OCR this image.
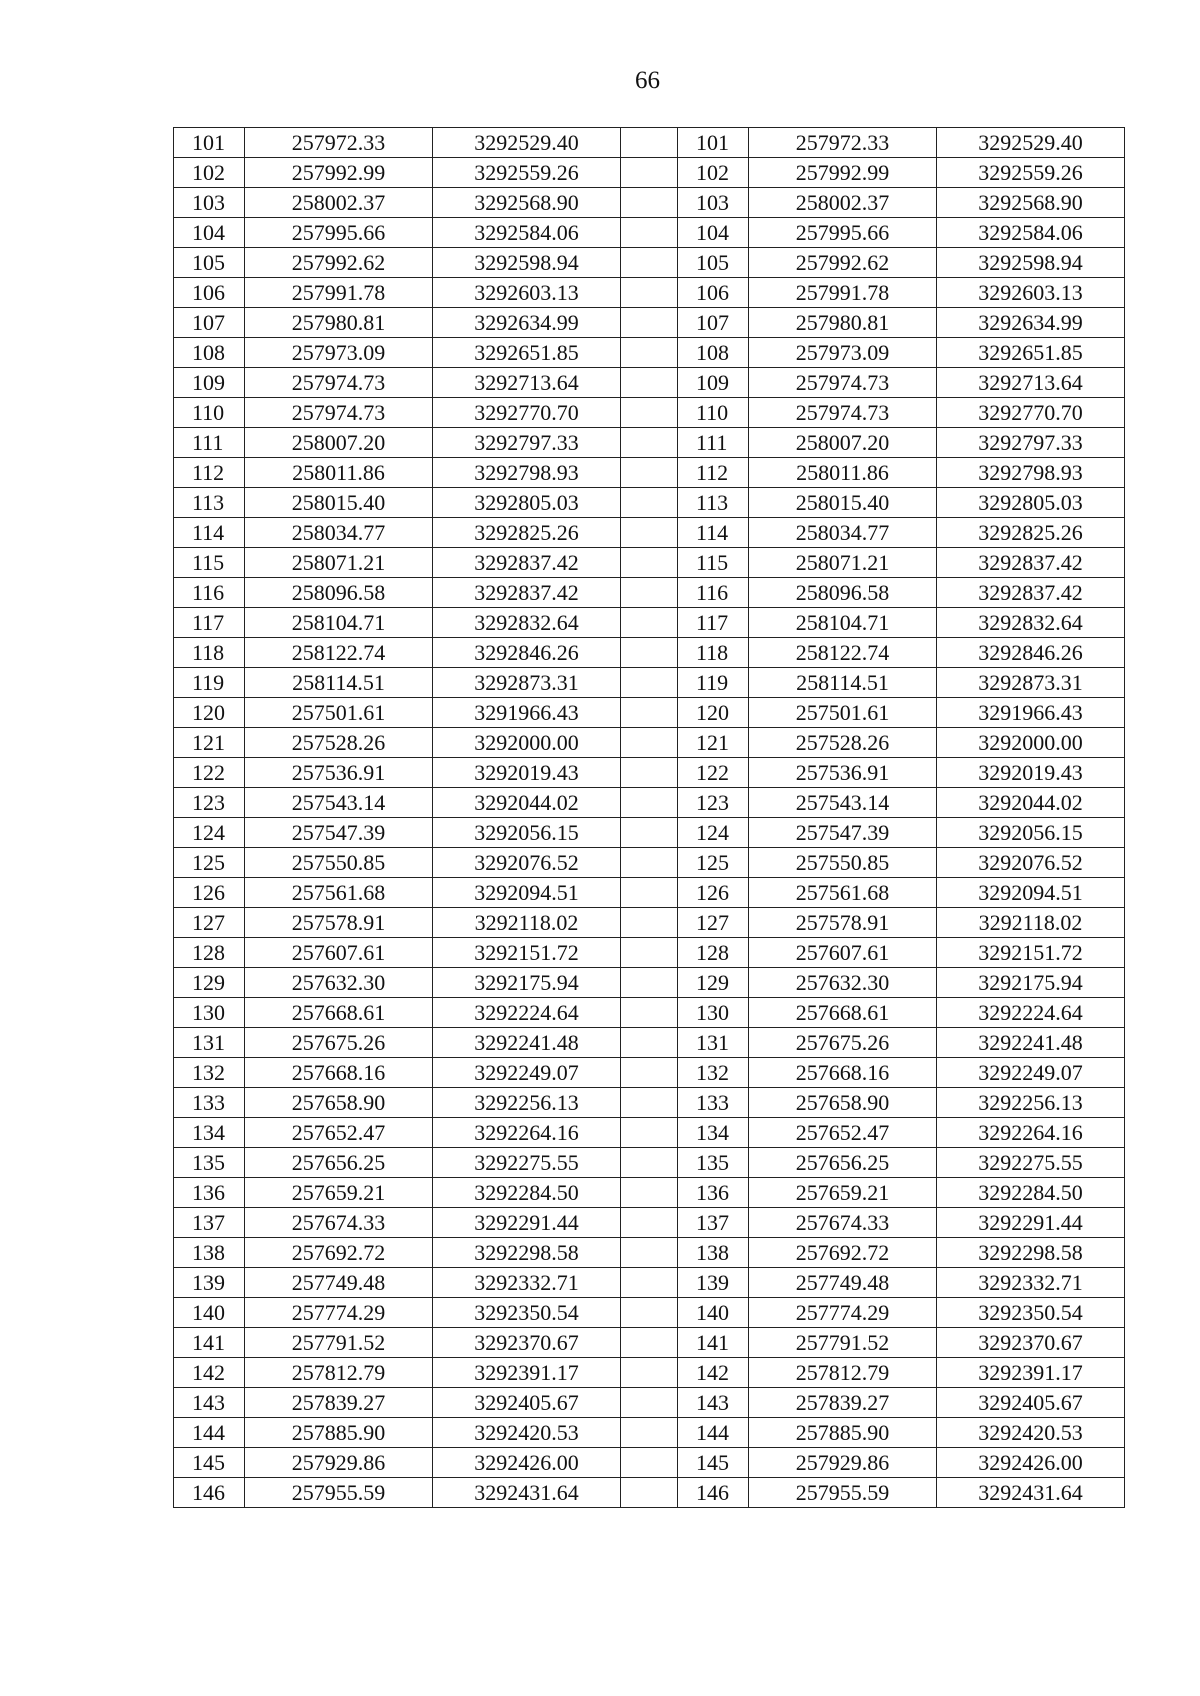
66
101	257972.33	3292529.40		101	257972.33	3292529.40
102	257992.99	3292559.26		102	257992.99	3292559.26
103	258002.37	3292568.90		103	258002.37	3292568.90
104	257995.66	3292584.06		104	257995.66	3292584.06
105	257992.62	3292598.94		105	257992.62	3292598.94
106	257991.78	3292603.13		106	257991.78	3292603.13
107	257980.81	3292634.99		107	257980.81	3292634.99
108	257973.09	3292651.85		108	257973.09	3292651.85
109	257974.73	3292713.64		109	257974.73	3292713.64
110	257974.73	3292770.70		110	257974.73	3292770.70
111	258007.20	3292797.33		111	258007.20	3292797.33
112	258011.86	3292798.93		112	258011.86	3292798.93
113	258015.40	3292805.03		113	258015.40	3292805.03
114	258034.77	3292825.26		114	258034.77	3292825.26
115	258071.21	3292837.42		115	258071.21	3292837.42
116	258096.58	3292837.42		116	258096.58	3292837.42
117	258104.71	3292832.64		117	258104.71	3292832.64
118	258122.74	3292846.26		118	258122.74	3292846.26
119	258114.51	3292873.31		119	258114.51	3292873.31
120	257501.61	3291966.43		120	257501.61	3291966.43
121	257528.26	3292000.00		121	257528.26	3292000.00
122	257536.91	3292019.43		122	257536.91	3292019.43
123	257543.14	3292044.02		123	257543.14	3292044.02
124	257547.39	3292056.15		124	257547.39	3292056.15
125	257550.85	3292076.52		125	257550.85	3292076.52
126	257561.68	3292094.51		126	257561.68	3292094.51
127	257578.91	3292118.02		127	257578.91	3292118.02
128	257607.61	3292151.72		128	257607.61	3292151.72
129	257632.30	3292175.94		129	257632.30	3292175.94
130	257668.61	3292224.64		130	257668.61	3292224.64
131	257675.26	3292241.48		131	257675.26	3292241.48
132	257668.16	3292249.07		132	257668.16	3292249.07
133	257658.90	3292256.13		133	257658.90	3292256.13
134	257652.47	3292264.16		134	257652.47	3292264.16
135	257656.25	3292275.55		135	257656.25	3292275.55
136	257659.21	3292284.50		136	257659.21	3292284.50
137	257674.33	3292291.44		137	257674.33	3292291.44
138	257692.72	3292298.58		138	257692.72	3292298.58
139	257749.48	3292332.71		139	257749.48	3292332.71
140	257774.29	3292350.54		140	257774.29	3292350.54
141	257791.52	3292370.67		141	257791.52	3292370.67
142	257812.79	3292391.17		142	257812.79	3292391.17
143	257839.27	3292405.67		143	257839.27	3292405.67
144	257885.90	3292420.53		144	257885.90	3292420.53
145	257929.86	3292426.00		145	257929.86	3292426.00
146	257955.59	3292431.64		146	257955.59	3292431.64
